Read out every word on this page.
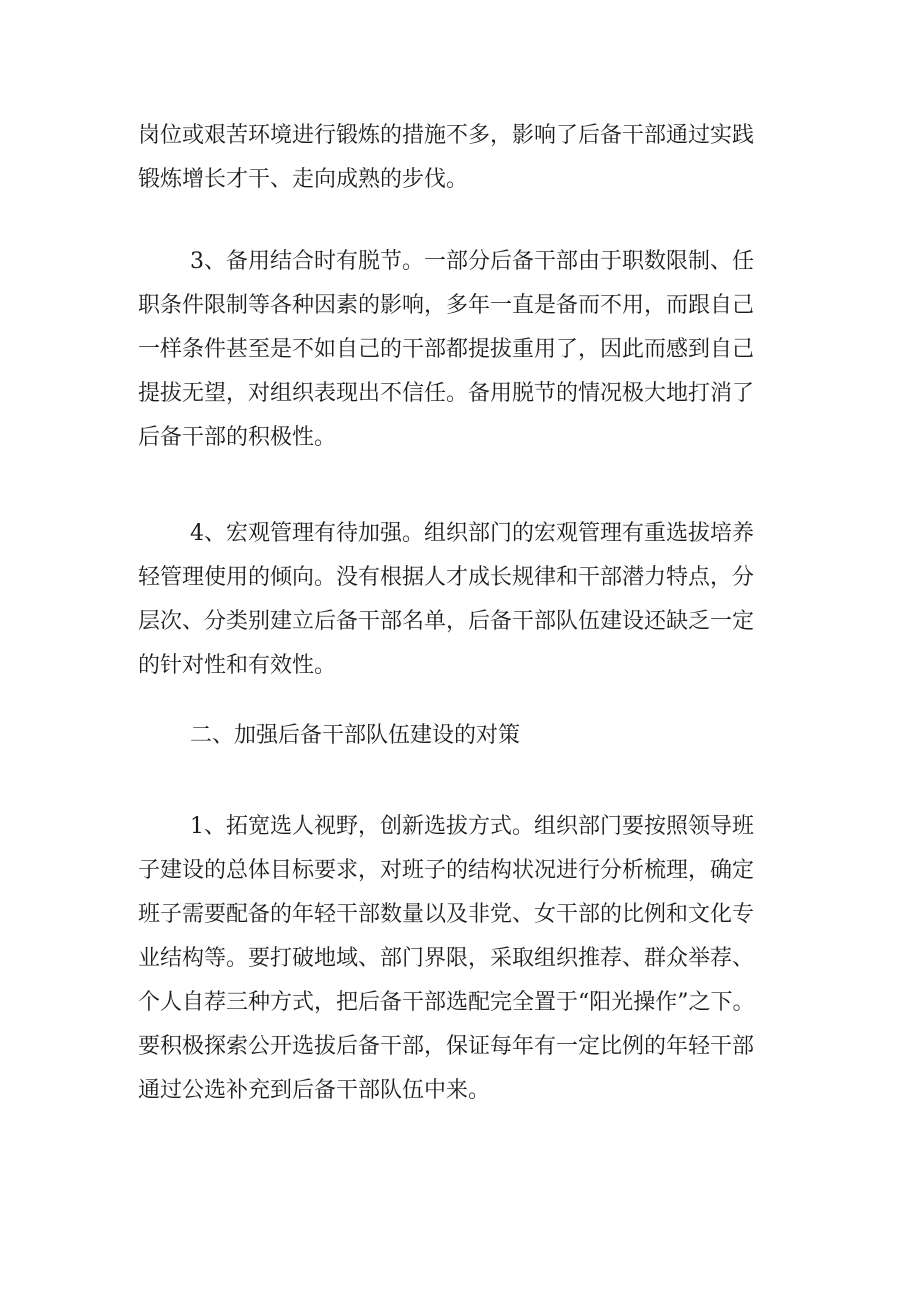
岗位或艰苦环境进行锻炼的措施不多，影响了后备干部通过实践
锻炼增长才干、走向成熟的步伐。
3、备用结合时有脱节。一部分后备干部由于职数限制、任
职条件限制等各种因素的影响，多年一直是备而不用，而跟自己
一样条件甚至是不如自己的干部都提拔重用了，因此而感到自己
提拔无望，对组织表现出不信任。备用脱节的情况极大地打消了
后备干部的积极性。
4、宏观管理有待加强。组织部门的宏观管理有重选拔培养
轻管理使用的倾向。没有根据人才成长规律和干部潜力特点，分
层次、分类别建立后备干部名单，后备干部队伍建设还缺乏一定
的针对性和有效性。
二、加强后备干部队伍建设的对策
1、拓宽选人视野，创新选拔方式。组织部门要按照领导班
子建设的总体目标要求，对班子的结构状况进行分析梳理，确定
班子需要配备的年轻干部数量以及非党、女干部的比例和文化专
业结构等。要打破地域、部门界限，采取组织推荐、群众举荐、
个人自荐三种方式，把后备干部选配完全置于“阳光操作”之下。
要积极探索公开选拔后备干部，保证每年有一定比例的年轻干部
通过公选补充到后备干部队伍中来。
